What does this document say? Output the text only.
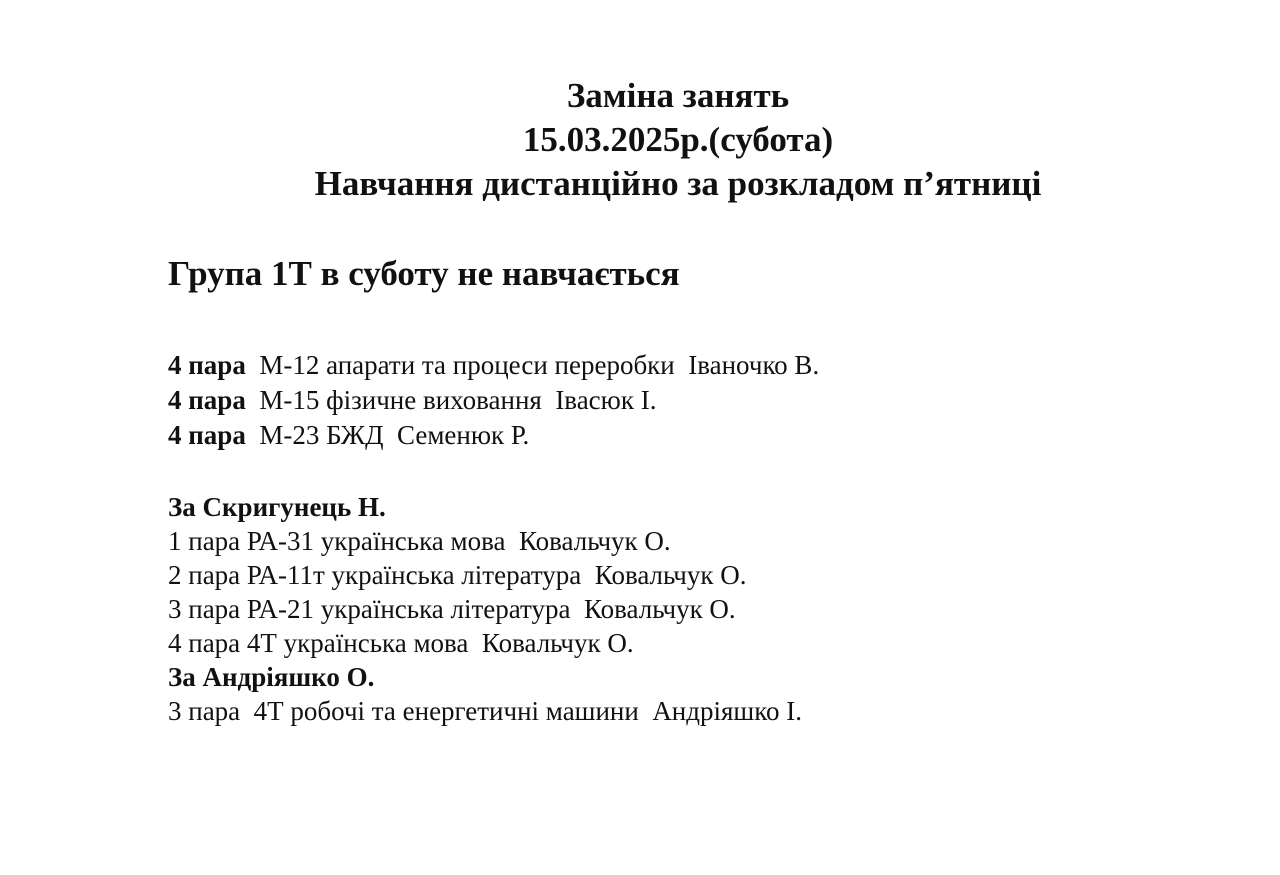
Заміна занять
15.03.2025р.(субота)
Навчання дистанційно за розкладом п’ятниці
Група 1Т в суботу не навчається
4 пара  М-12 апарати та процеси переробки  Іваночко В.
4 пара  М-15 фізичне виховання  Івасюк І.
4 пара  М-23 БЖД  Семенюк Р.
За Скригунець Н.
1 пара РА-31 українська мова  Ковальчук О.
2 пара РА-11т українська література  Ковальчук О.
3 пара РА-21 українська література  Ковальчук О.
4 пара 4Т українська мова  Ковальчук О.
За Андріяшко О.
3 пара  4Т робочі та енергетичні машини  Андріяшко І.
